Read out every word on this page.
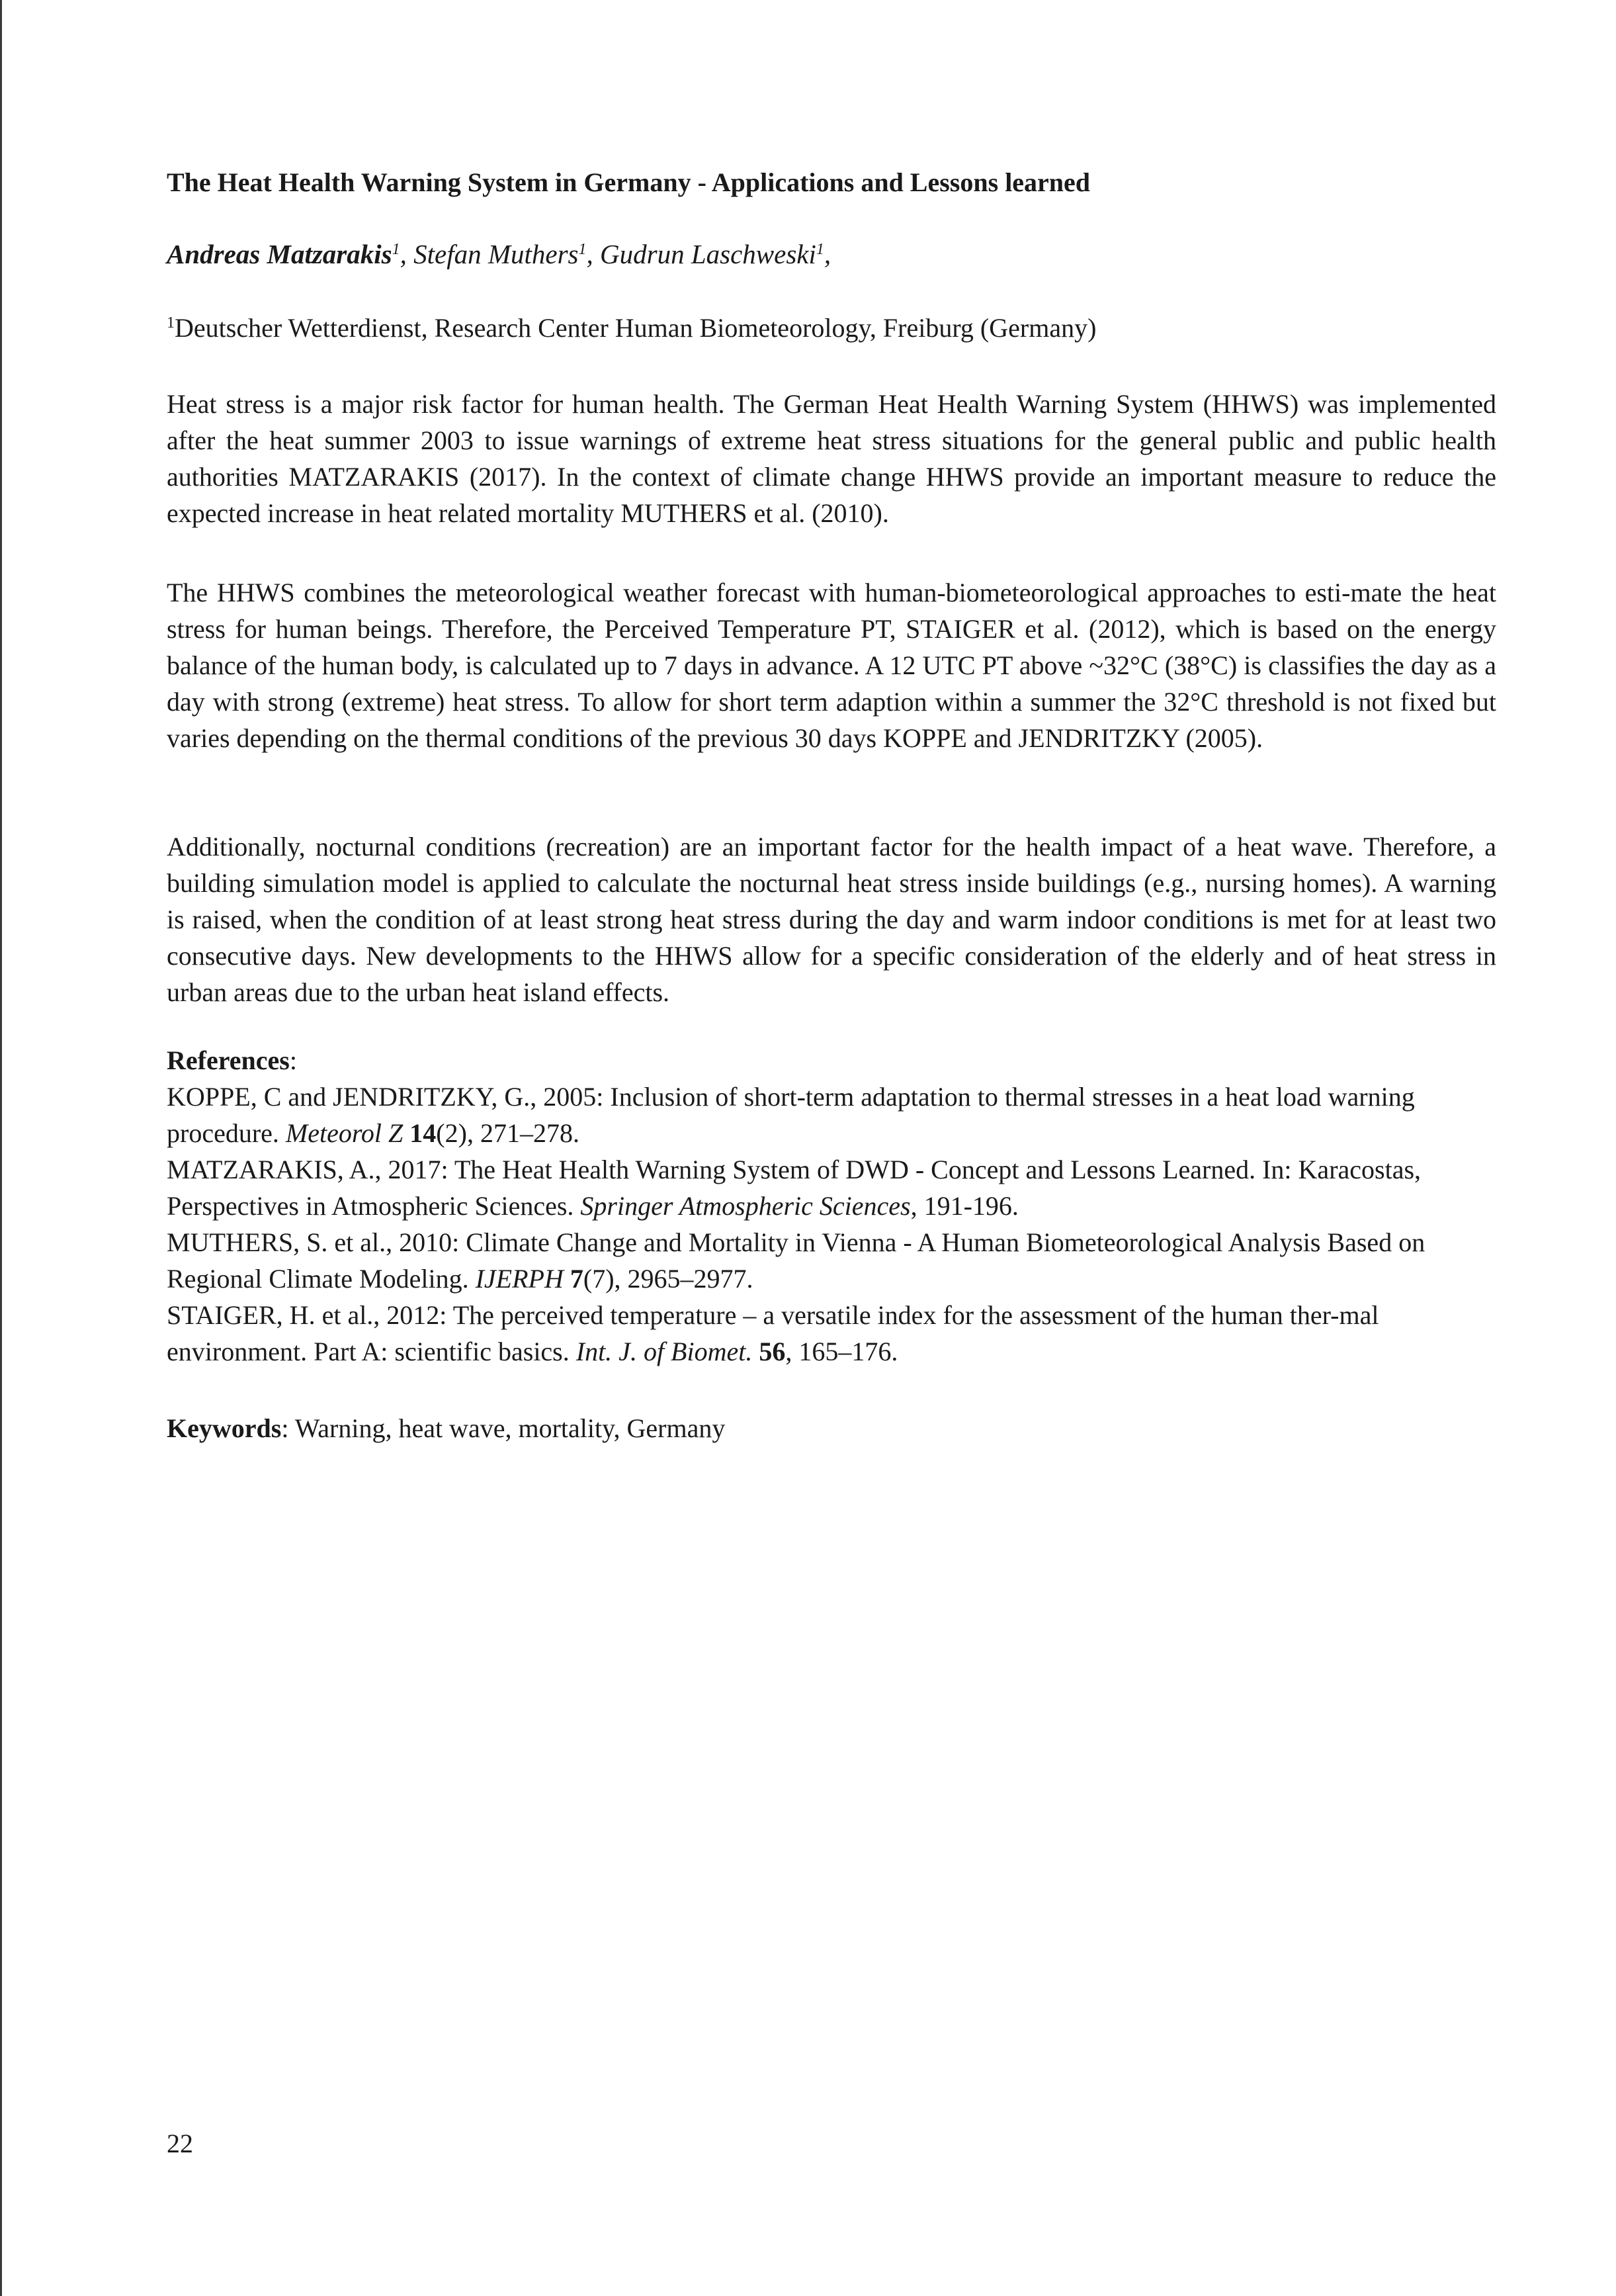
The Heat Health Warning System in Germany - Applications and Lessons learned

Andreas Matzarakis$^1$, Stefan Muthers$^1$, Gudrun Laschweski$^1$,

$^1$Deutscher Wetterdienst, Research Center Human Biometeorology, Freiburg (Germany)

Heat stress is a major risk factor for human health. The German Heat Health Warning System (HHWS) was implemented after the heat summer 2003 to issue warnings of extreme heat stress situations for the general public and public health authorities MATZARAKIS (2017). In the context of climate change HHWS provide an important measure to reduce the expected increase in heat related mortality MUTHERS et al. (2010).

The HHWS combines the meteorological weather forecast with human-biometeorological approaches to esti-mate the heat stress for human beings. Therefore, the Perceived Temperature PT, STAIGER et al. (2012), which is based on the energy balance of the human body, is calculated up to 7 days in advance. A 12 UTC PT above ~32°C (38°C) is classifies the day as a day with strong (extreme) heat stress. To allow for short term adaption within a summer the 32°C threshold is not fixed but varies depending on the thermal conditions of the previous 30 days KOPPE and JENDRITZKY (2005).

Additionally, nocturnal conditions (recreation) are an important factor for the health impact of a heat wave. Therefore, a building simulation model is applied to calculate the nocturnal heat stress inside buildings (e.g., nursing homes). A warning is raised, when the condition of at least strong heat stress during the day and warm indoor conditions is met for at least two consecutive days. New developments to the HHWS allow for a specific consideration of the elderly and of heat stress in urban areas due to the urban heat island effects.

References:

KOPPE, C and JENDRITZKY, G., 2005: Inclusion of short-term adaptation to thermal stresses in a heat load warning procedure. Meteorol Z 14(2), 271–278.

MATZARAKIS, A., 2017: The Heat Health Warning System of DWD - Concept and Lessons Learned. In: Karacostas, Perspectives in Atmospheric Sciences. Springer Atmospheric Sciences, 191-196.

MUTHERS, S. et al., 2010: Climate Change and Mortality in Vienna - A Human Biometeorological Analysis Based on Regional Climate Modeling. IJERPH 7(7), 2965–2977.

STAIGER, H. et al., 2012: The perceived temperature – a versatile index for the assessment of the human ther-mal environment. Part A: scientific basics. Int. J. of Biomet. 56, 165–176.

Keywords: Warning, heat wave, mortality, Germany

22
